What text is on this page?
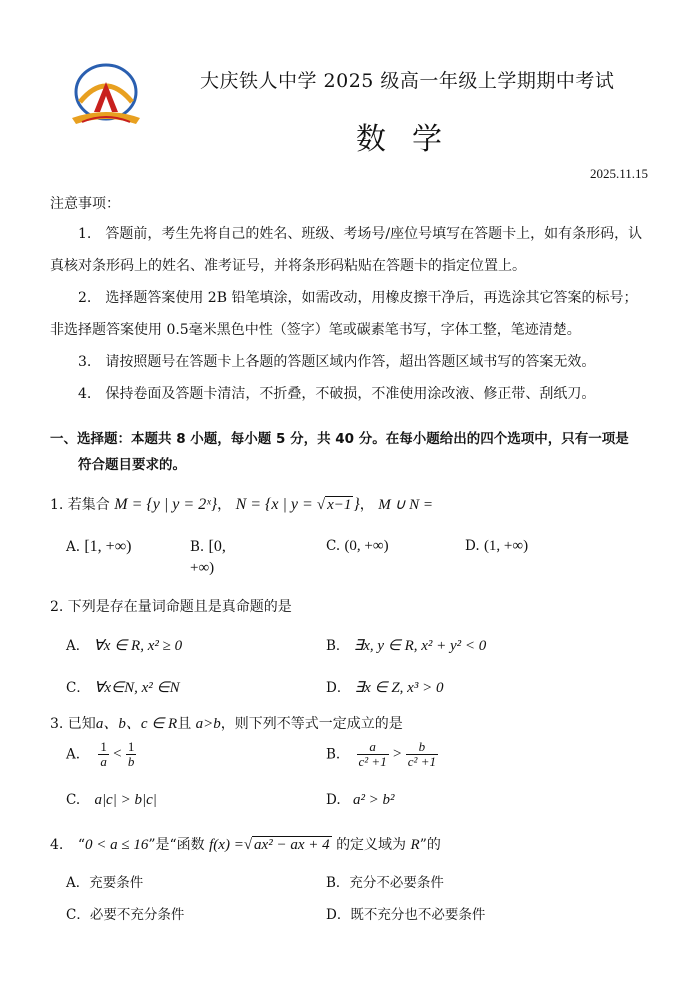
大庆铁人中学 2025 级高一年级上学期期中考试
数学
2025.11.15
注意事项：
1.　答题前，考生先将自己的姓名、班级、考场号/座位号填写在答题卡上，如有条形码，认真核对条形码上的姓名、准考证号，并将条形码粘贴在答题卡的指定位置上。
2.　选择题答案使用 2B 铅笔填涂，如需改动，用橡皮擦干净后，再选涂其它答案的标号；非选择题答案使用 0.5毫米黑色中性（签字）笔或碳素笔书写，字体工整，笔迹清楚。
3.　请按照题号在答题卡上各题的答题区域内作答，超出答题区域书写的答案无效。
4.　保持卷面及答题卡清洁，不折叠，不破损，不准使用涂改液、修正带、刮纸刀。
一、选择题：本题共 8 小题，每小题 5 分，共 40 分。在每小题给出的四个选项中，只有一项是
符合题目要求的。
1. 若集合 M = {y | y = 2ˣ}， N = {x | y = √ x−1 }， M ∪ N =
A. [1, +∞)	B. [0,
+∞)
C. (0, +∞)	D. (1, +∞)
2. 下列是存在量词命题且是真命题的是
A． ∀x ∈ R, x² ≥ 0	B． ∃x, y ∈ R, x² + y² < 0
C． ∀x∈N, x² ∈N	D． ∃x ∈ Z, x³ > 0
3. 已知a、b、c ∈ R且 a>b，则下列不等式一定成立的是
A. $\frac{1}{a} < \frac{1}{b}$	B. $\frac{a}{\text{c² +1}} > \frac{b}{\text{c² +1}}$
C. a|c| > b|c|	D. a² > b²
4. “0 < a ≤ 16”是“函数 f(x) =√ ax² − ax + 4 的定义域为 R”的
A．充要条件	B．充分不必要条件
C．必要不充分条件	D．既不充分也不必要条件
